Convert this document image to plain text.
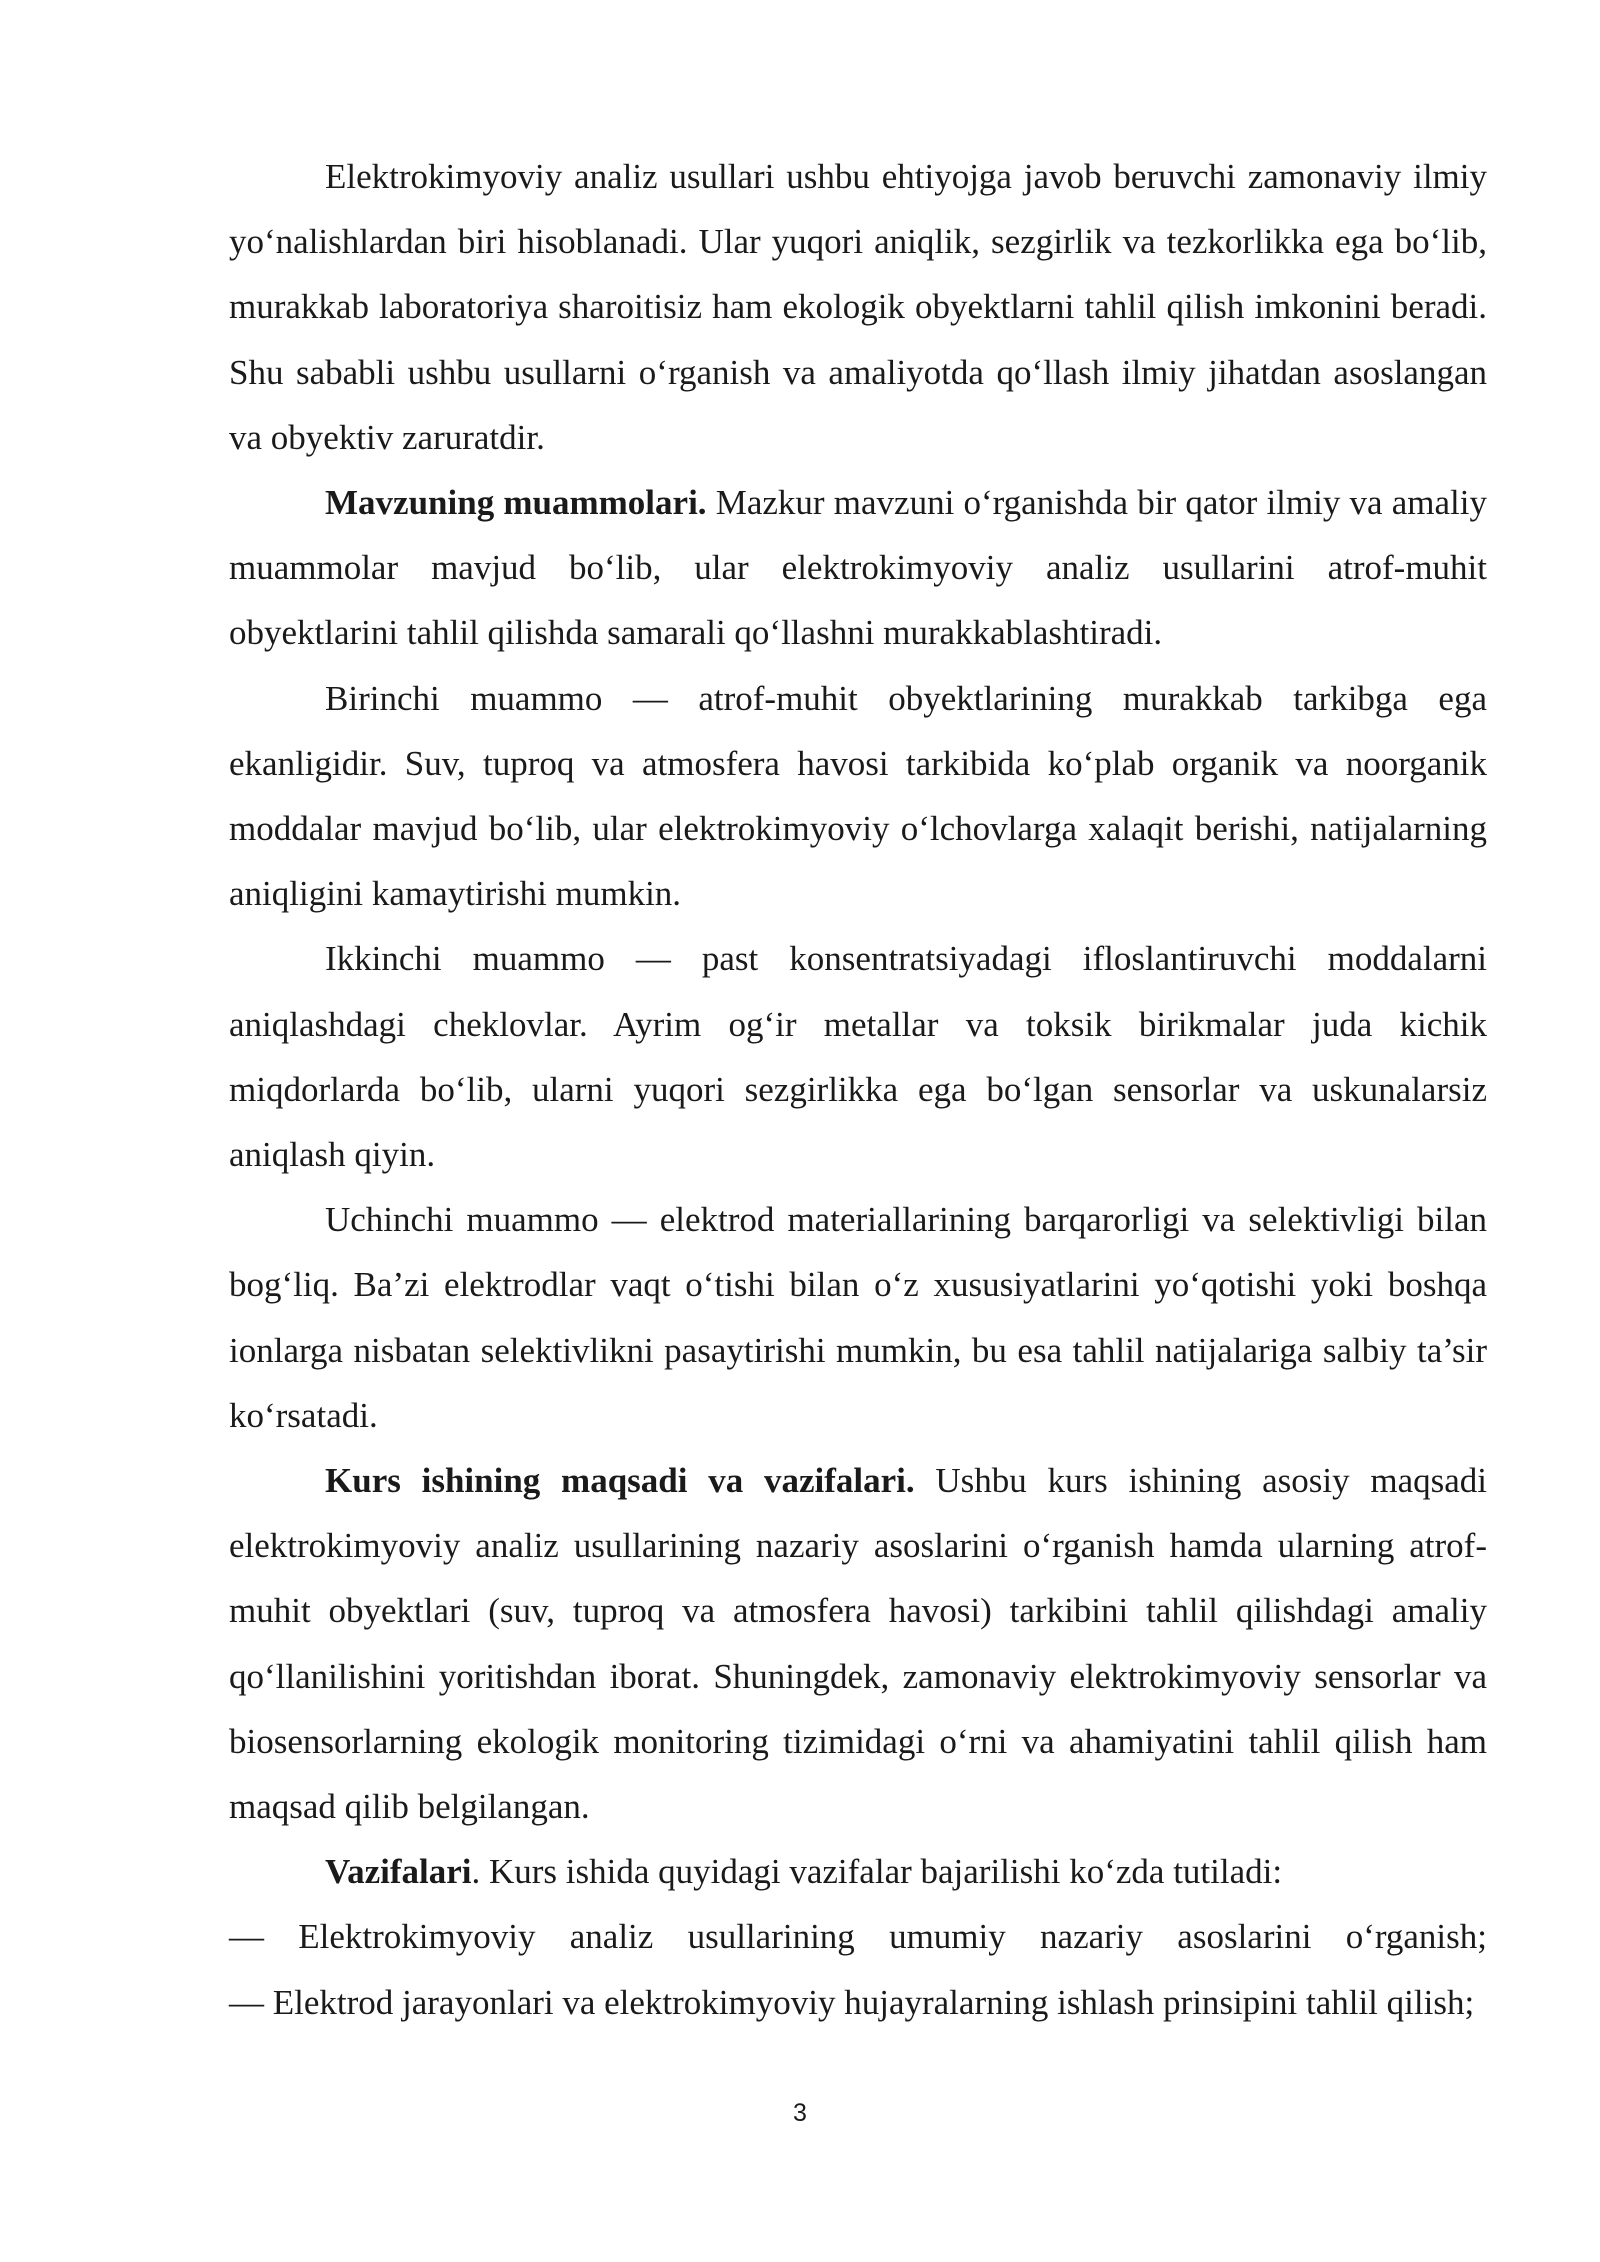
Elektrokimyoviy analiz usullari ushbu ehtiyojga javob beruvchi zamonaviy ilmiy yo‘nalishlardan biri hisoblanadi. Ular yuqori aniqlik, sezgirlik va tezkorlikka ega bo‘lib, murakkab laboratoriya sharoitisiz ham ekologik obyektlarni tahlil qilish imkonini beradi. Shu sababli ushbu usullarni o‘rganish va amaliyotda qo‘llash ilmiy jihatdan asoslangan va obyektiv zaruratdir.

Mavzuning muammolari. Mazkur mavzuni o‘rganishda bir qator ilmiy va amaliy muammolar mavjud bo‘lib, ular elektrokimyoviy analiz usullarini atrof-muhit obyektlarini tahlil qilishda samarali qo‘llashni murakkablashtiradi.

Birinchi muammo — atrof-muhit obyektlarining murakkab tarkibga ega ekanligidir. Suv, tuproq va atmosfera havosi tarkibida ko‘plab organik va noorganik moddalar mavjud bo‘lib, ular elektrokimyoviy o‘lchovlarga xalaqit berishi, natijalarning aniqligini kamaytirishi mumkin.

Ikkinchi muammo — past konsentratsiyadagi ifloslantiruvchi moddalarni aniqlashdagi cheklovlar. Ayrim og‘ir metallar va toksik birikmalar juda kichik miqdorlarda bo‘lib, ularni yuqori sezgirlikka ega bo‘lgan sensorlar va uskunalarsiz aniqlash qiyin.

Uchinchi muammo — elektrod materiallarining barqarorligi va selektivligi bilan bog‘liq. Ba’zi elektrodlar vaqt o‘tishi bilan o‘z xususiyatlarini yo‘qotishi yoki boshqa ionlarga nisbatan selektivlikni pasaytirishi mumkin, bu esa tahlil natijalariga salbiy ta’sir ko‘rsatadi.

Kurs ishining maqsadi va vazifalari. Ushbu kurs ishining asosiy maqsadi elektrokimyoviy analiz usullarining nazariy asoslarini o‘rganish hamda ularning atrof-muhit obyektlari (suv, tuproq va atmosfera havosi) tarkibini tahlil qilishdagi amaliy qo‘llanilishini yoritishdan iborat. Shuningdek, zamonaviy elektrokimyoviy sensorlar va biosensorlarning ekologik monitoring tizimidagi o‘rni va ahamiyatini tahlil qilish ham maqsad qilib belgilangan.

Vazifalari. Kurs ishida quyidagi vazifalar bajarilishi ko‘zda tutiladi:

— Elektrokimyoviy analiz usullarining umumiy nazariy asoslarini o‘rganish;

— Elektrod jarayonlari va elektrokimyoviy hujayralarning ishlash prinsipini tahlil qilish;

3
